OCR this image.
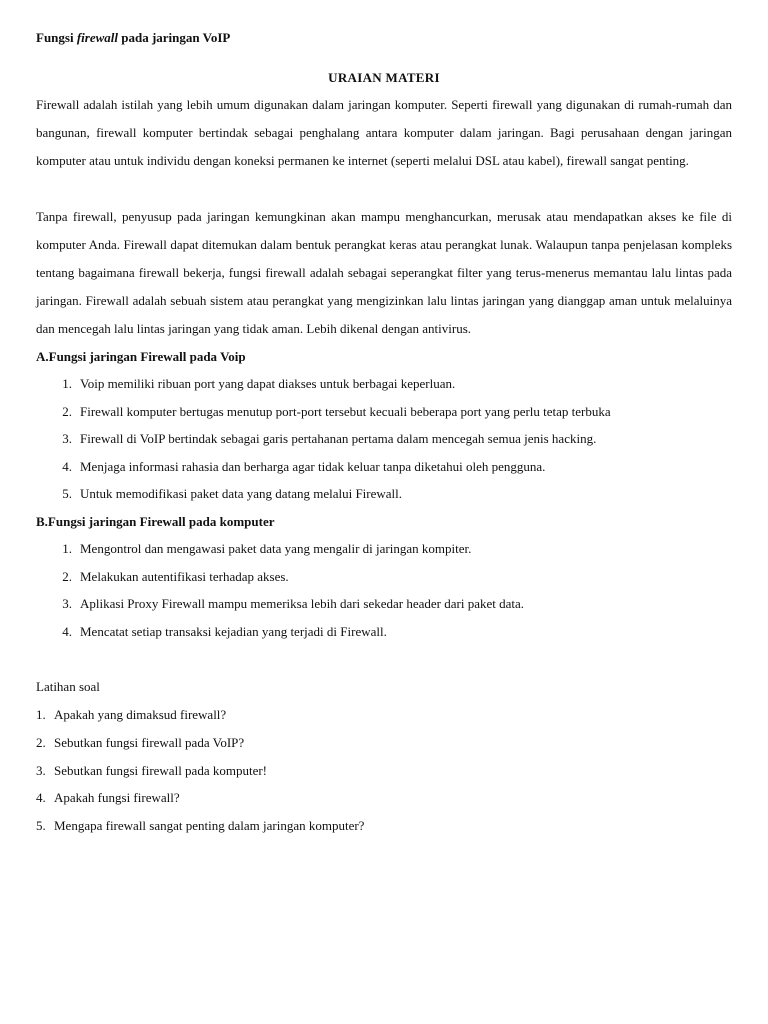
Fungsi firewall pada jaringan VoIP

URAIAN MATERI

Firewall adalah istilah yang lebih umum digunakan dalam jaringan komputer. Seperti firewall yang digunakan di rumah-rumah dan bangunan, firewall komputer bertindak sebagai penghalang antara komputer dalam jaringan. Bagi perusahaan dengan jaringan komputer atau untuk individu dengan koneksi permanen ke internet (seperti melalui DSL atau kabel), firewall sangat penting.

Tanpa firewall, penyusup pada jaringan kemungkinan akan mampu menghancurkan, merusak atau mendapatkan akses ke file di komputer Anda. Firewall dapat ditemukan dalam bentuk perangkat keras atau perangkat lunak. Walaupun tanpa penjelasan kompleks tentang bagaimana firewall bekerja, fungsi firewall adalah sebagai seperangkat filter yang terus-menerus memantau lalu lintas pada jaringan. Firewall adalah sebuah sistem atau perangkat yang mengizinkan lalu lintas jaringan yang dianggap aman untuk melaluinya dan mencegah lalu lintas jaringan yang tidak aman. Lebih dikenal dengan antivirus.

A.Fungsi jaringan Firewall pada Voip

1. Voip memiliki ribuan port yang dapat diakses untuk berbagai keperluan.
2. Firewall komputer bertugas menutup port-port tersebut kecuali beberapa port yang perlu tetap terbuka
3. Firewall di VoIP bertindak sebagai garis pertahanan pertama dalam mencegah semua jenis hacking.
4. Menjaga informasi rahasia dan berharga agar tidak keluar tanpa diketahui oleh pengguna.
5. Untuk memodifikasi paket data yang datang melalui Firewall.

B.Fungsi jaringan Firewall pada komputer

1. Mengontrol dan mengawasi paket data yang mengalir di jaringan kompiter.
2. Melakukan autentifikasi terhadap akses.
3. Aplikasi Proxy Firewall mampu memeriksa lebih dari sekedar header dari paket data.
4. Mencatat setiap transaksi kejadian yang terjadi di Firewall.

Latihan soal

1. Apakah yang dimaksud firewall?
2. Sebutkan fungsi firewall pada VoIP?
3. Sebutkan fungsi firewall pada komputer!
4. Apakah fungsi firewall?
5. Mengapa firewall sangat penting dalam jaringan komputer?
